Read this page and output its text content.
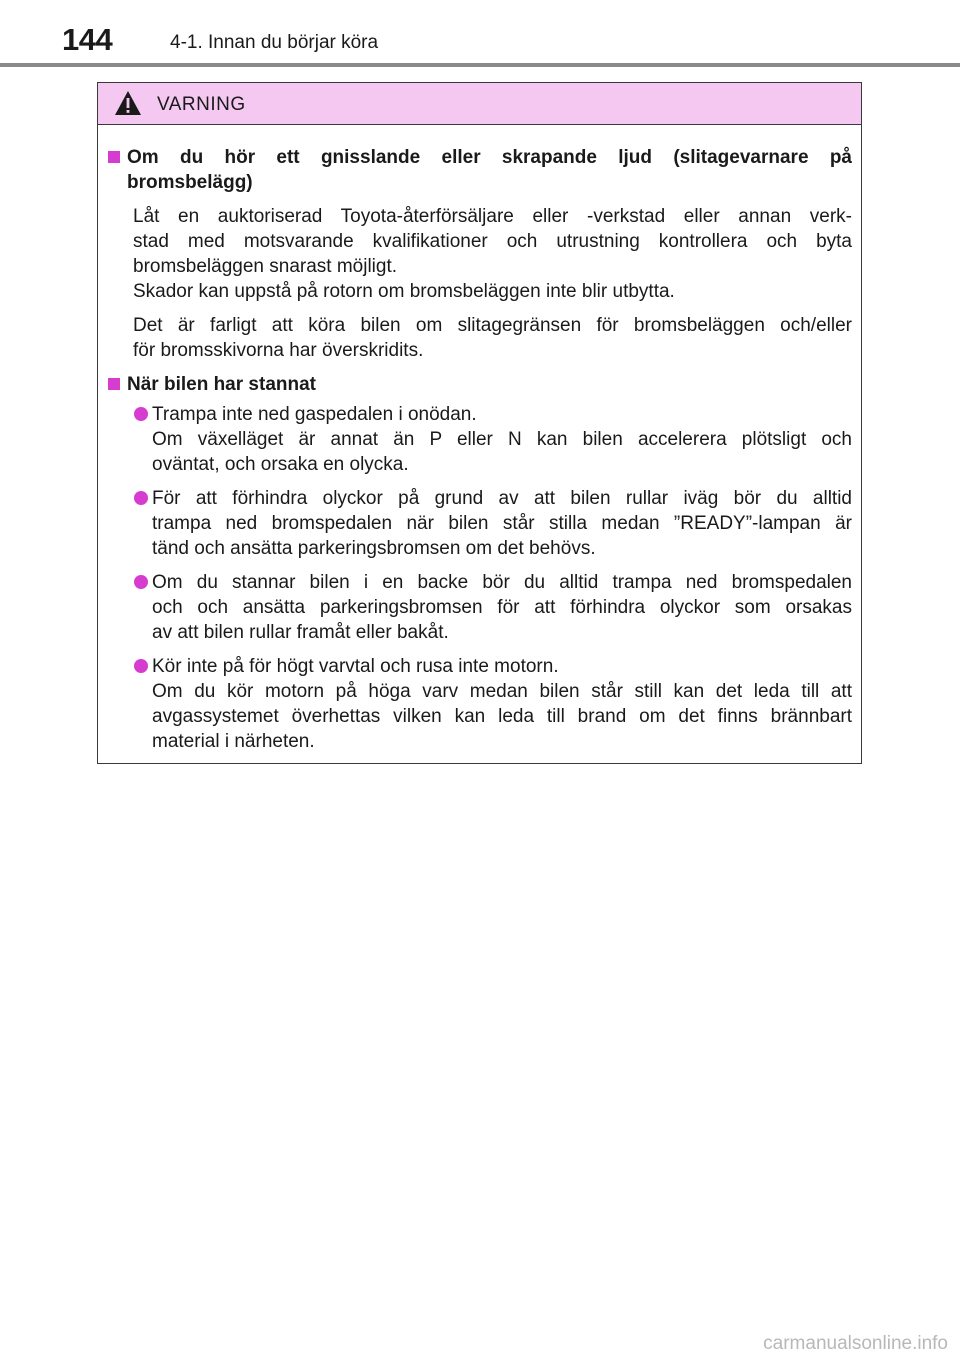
144	4-1. Innan du börjar köra
VARNING
Om du hör ett gnisslande eller skrapande ljud (slitagevarnare på
bromsbelägg)
Låt en auktoriserad Toyota-återförsäljare eller -verkstad eller annan verk-
stad med motsvarande kvalifikationer och utrustning kontrollera och byta
bromsbeläggen snarast möjligt.
Skador kan uppstå på rotorn om bromsbeläggen inte blir utbytta.
Det är farligt att köra bilen om slitagegränsen för bromsbeläggen och/eller
för bromsskivorna har överskridits.
När bilen har stannat
Trampa inte ned gaspedalen i onödan.
Om växelläget är annat än P eller N kan bilen accelerera plötsligt och
oväntat, och orsaka en olycka.
För att förhindra olyckor på grund av att bilen rullar iväg bör du alltid
trampa ned bromspedalen när bilen står stilla medan ”READY”-lampan är
tänd och ansätta parkeringsbromsen om det behövs.
Om du stannar bilen i en backe bör du alltid trampa ned bromspedalen
och och ansätta parkeringsbromsen för att förhindra olyckor som orsakas
av att bilen rullar framåt eller bakåt.
Kör inte på för högt varvtal och rusa inte motorn.
Om du kör motorn på höga varv medan bilen står still kan det leda till att
avgassystemet överhettas vilken kan leda till brand om det finns brännbart
material i närheten.
carmanualsonline.info
